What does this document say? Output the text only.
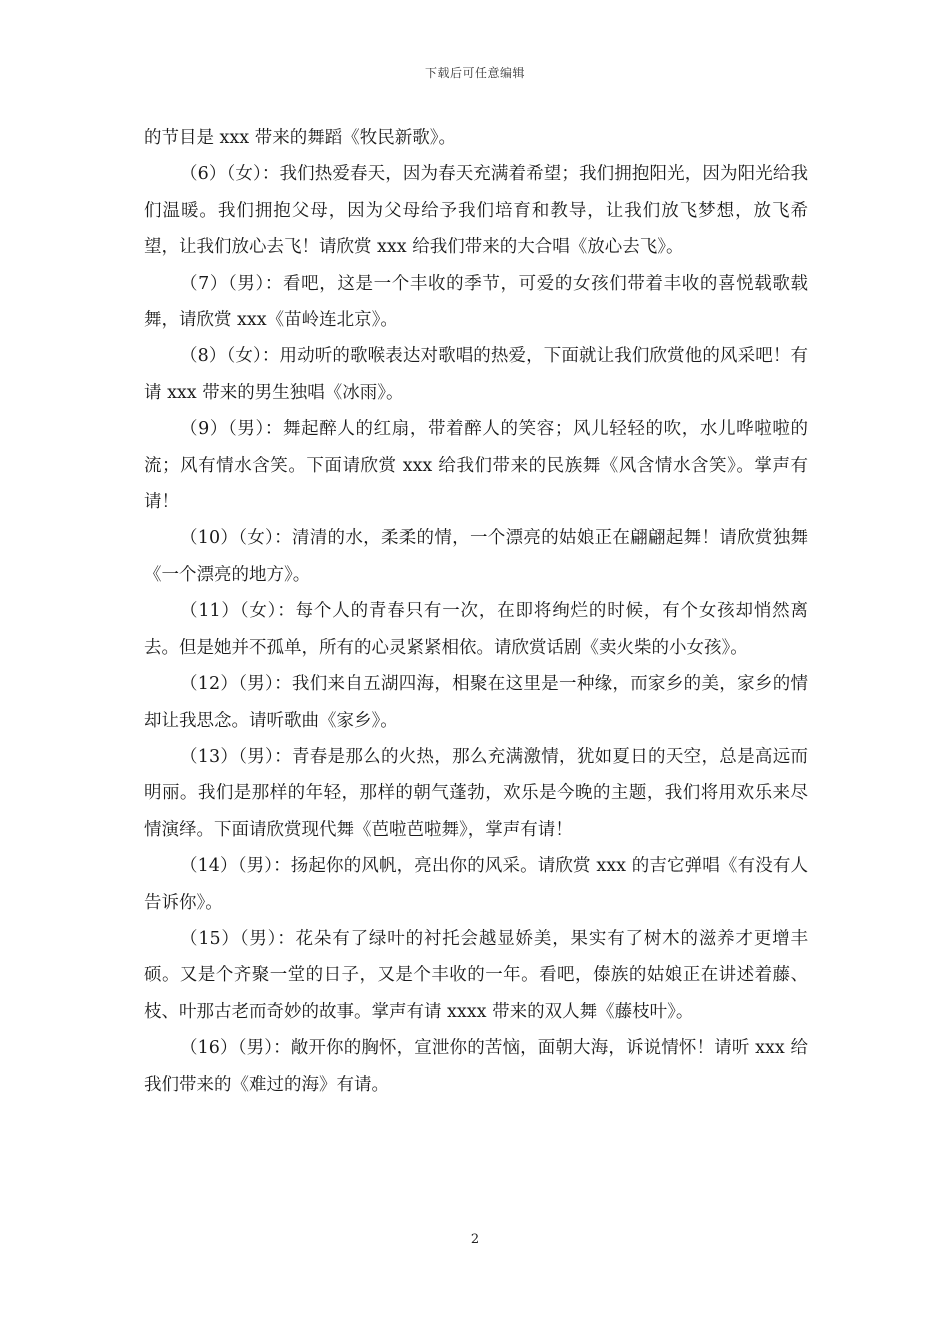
下载后可任意编辑

的节目是 xxx 带来的舞蹈《牧民新歌》。

（6）（女）：我们热爱春天，因为春天充满着希望；我们拥抱阳光，因为阳光给我们温暖。我们拥抱父母，因为父母给予我们培育和教导，让我们放飞梦想，放飞希望，让我们放心去飞！请欣赏 xxx 给我们带来的大合唱《放心去飞》。

（7）（男）：看吧，这是一个丰收的季节，可爱的女孩们带着丰收的喜悦载歌载舞，请欣赏 xxx《苗岭连北京》。

（8）（女）：用动听的歌喉表达对歌唱的热爱，下面就让我们欣赏他的风采吧！有请 xxx 带来的男生独唱《冰雨》。

（9）（男）：舞起醉人的红扇，带着醉人的笑容；风儿轻轻的吹，水儿哗啦啦的流；风有情水含笑。下面请欣赏 xxx 给我们带来的民族舞《风含情水含笑》。掌声有请！

（10）（女）：清清的水，柔柔的情，一个漂亮的姑娘正在翩翩起舞！请欣赏独舞《一个漂亮的地方》。

（11）（女）：每个人的青春只有一次，在即将绚烂的时候，有个女孩却悄然离去。但是她并不孤单，所有的心灵紧紧相依。请欣赏话剧《卖火柴的小女孩》。

（12）（男）：我们来自五湖四海，相聚在这里是一种缘，而家乡的美，家乡的情却让我思念。请听歌曲《家乡》。

（13）（男）：青春是那么的火热，那么充满激情，犹如夏日的天空，总是高远而明丽。我们是那样的年轻，那样的朝气蓬勃，欢乐是今晚的主题，我们将用欢乐来尽情演绎。下面请欣赏现代舞《芭啦芭啦舞》，掌声有请！

（14）（男）：扬起你的风帆，亮出你的风采。请欣赏 xxx 的吉它弹唱《有没有人告诉你》。

（15）（男）：花朵有了绿叶的衬托会越显娇美，果实有了树木的滋养才更增丰硕。又是个齐聚一堂的日子，又是个丰收的一年。看吧，傣族的姑娘正在讲述着藤、枝、叶那古老而奇妙的故事。掌声有请 xxxx 带来的双人舞《藤枝叶》。

（16）（男）：敞开你的胸怀，宣泄你的苦恼，面朝大海，诉说情怀！请听 xxx 给我们带来的《难过的海》有请。

2
